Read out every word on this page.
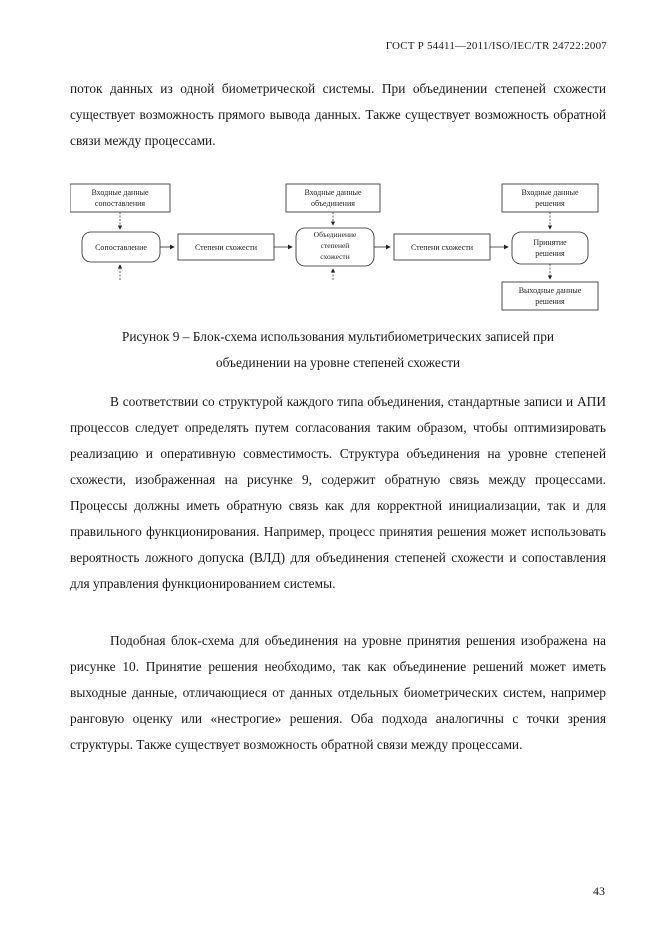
ГОСТ Р 54411—2011/ISO/IEC/TR 24722:2007

поток данных из одной биометрической системы. При объединении степеней схожести существует возможность прямого вывода данных. Также существует возможность обратной связи между процессами.

Входные данные
сопоставления
Сопоставление	Степени схожести
Входные данные
объединения
Объединение
степеней
схожести
Степени схожести
Входные данные
решения
Принятие
решения
Выходные данные
решения

Рисунок 9 – Блок-схема использования мультибиометрических записей при
объединении на уровне степеней схожести

В соответствии со структурой каждого типа объединения, стандартные записи и АПИ процессов следует определять путем согласования таким образом, чтобы оптимизировать реализацию и оперативную совместимость. Структура объединения на уровне степеней схожести, изображенная на рисунке 9, содержит обратную связь между процессами. Процессы должны иметь обратную связь как для корректной инициализации, так и для правильного функционирования. Например, процесс принятия решения может использовать вероятность ложного допуска (ВЛД) для объединения степеней схожести и сопоставления для управления функционированием системы.

Подобная блок-схема для объединения на уровне принятия решения изображена на рисунке 10. Принятие решения необходимо, так как объединение решений может иметь выходные данные, отличающиеся от данных отдельных биометрических систем, например ранговую оценку или «нестрогие» решения. Оба подхода аналогичны с точки зрения структуры. Также существует возможность обратной связи между процессами.

43
